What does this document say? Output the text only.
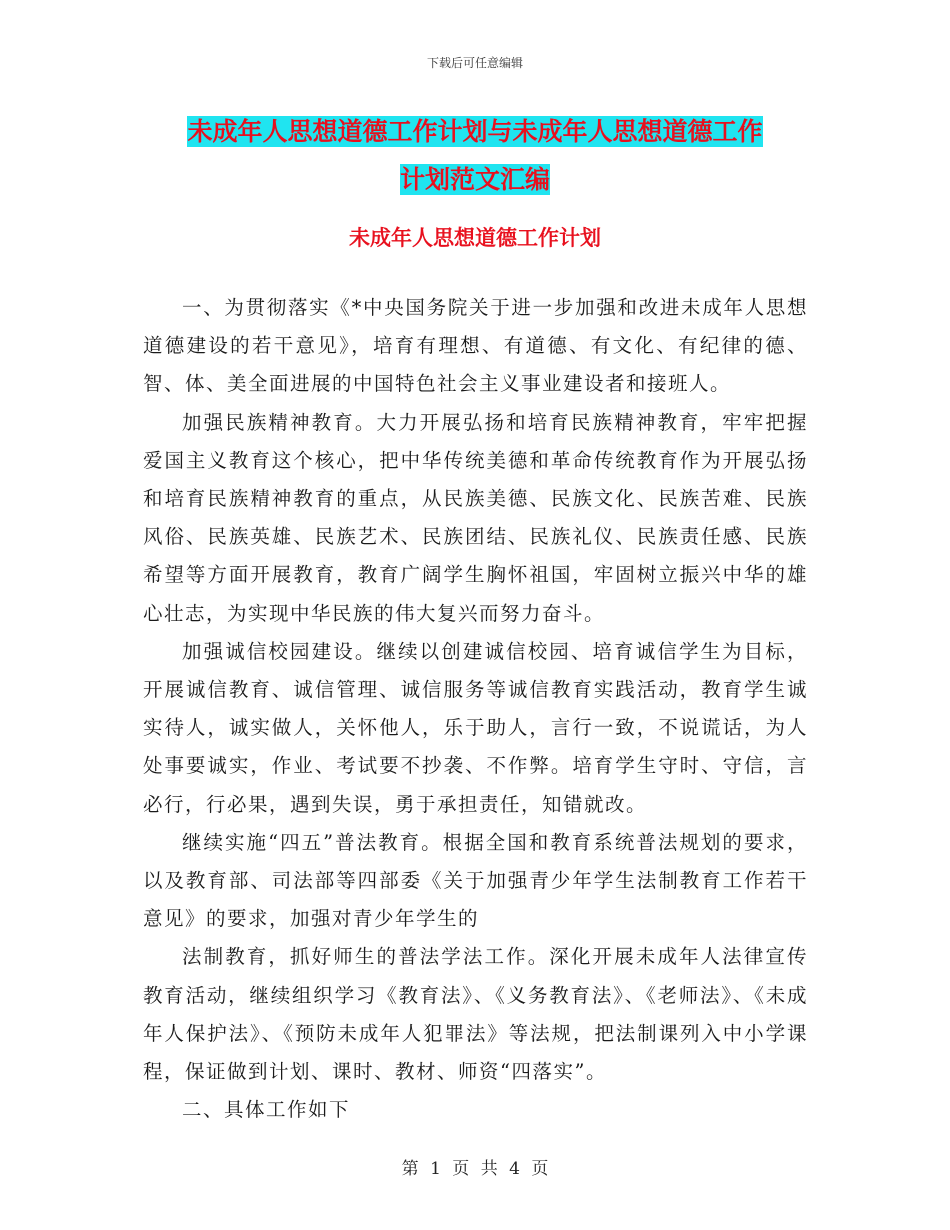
下载后可任意编辑
未成年人思想道德工作计划与未成年人思想道德工作
计划范文汇编
未成年人思想道德工作计划

一、为贯彻落实《*中央国务院关于进一步加强和改进未成年人思想道德建设的若干意见》，培育有理想、有道德、有文化、有纪律的德、智、体、美全面进展的中国特色社会主义事业建设者和接班人。

加强民族精神教育。大力开展弘扬和培育民族精神教育，牢牢把握爱国主义教育这个核心，把中华传统美德和革命传统教育作为开展弘扬和培育民族精神教育的重点，从民族美德、民族文化、民族苦难、民族风俗、民族英雄、民族艺术、民族团结、民族礼仪、民族责任感、民族希望等方面开展教育，教育广阔学生胸怀祖国，牢固树立振兴中华的雄心壮志，为实现中华民族的伟大复兴而努力奋斗。

加强诚信校园建设。继续以创建诚信校园、培育诚信学生为目标，开展诚信教育、诚信管理、诚信服务等诚信教育实践活动，教育学生诚实待人，诚实做人，关怀他人，乐于助人，言行一致，不说谎话，为人处事要诚实，作业、考试要不抄袭、不作弊。培育学生守时、守信，言必行，行必果，遇到失误，勇于承担责任，知错就改。

继续实施“四五”普法教育。根据全国和教育系统普法规划的要求，以及教育部、司法部等四部委《关于加强青少年学生法制教育工作若干意见》的要求，加强对青少年学生的

法制教育，抓好师生的普法学法工作。深化开展未成年人法律宣传教育活动，继续组织学习《教育法》、《义务教育法》、《老师法》、《未成年人保护法》、《预防未成年人犯罪法》等法规，把法制课列入中小学课程，保证做到计划、课时、教材、师资“四落实”。

二、具体工作如下

第 1 页 共 4 页
